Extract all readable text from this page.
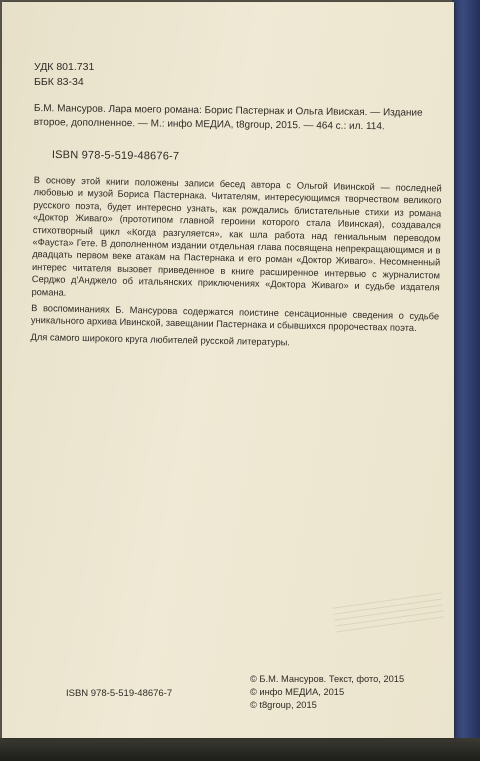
УДК 801.731
ББК 83-34
Б.М. Мансуров. Лара моего романа: Борис Пастернак и Ольга Ивиская. — Издание второе, дополненное. — М.: инфо МЕДИА, t8group, 2015. — 464 с.: ил. 114.
ISBN 978-5-519-48676-7

В основу этой книги положены записи бесед автора с Ольгой Ивинской — последней любовью и музой Бориса Пастернака. Читателям, интересующимся творчеством великого русского поэта, будет интересно узнать, как рождались блистательные стихи из романа «Доктор Живаго» (прототипом главной героини которого стала Ивинская), создавался стихотворный цикл «Когда разгуляется», как шла работа над гениальным переводом «Фауста» Гете. В дополненном издании отдельная глава посвящена непрекращающимся и в двадцать первом веке атакам на Пастернака и его роман «Доктор Живаго». Несомненный интерес читателя вызовет приведенное в книге расширенное интервью с журналистом Серджо д'Анджело об итальянских приключениях «Доктора Живаго» и судьбе издателя романа.

В воспоминаниях Б. Мансурова содержатся поистине сенсационные сведения о судьбе уникального архива Ивинской, завещании Пастернака и сбывшихся пророчествах поэта.

Для самого широкого круга любителей русской литературы.

ISBN 978-5-519-48676-7
© Б.М. Мансуров. Текст, фото, 2015
© инфо МЕДИА, 2015
© t8group, 2015
